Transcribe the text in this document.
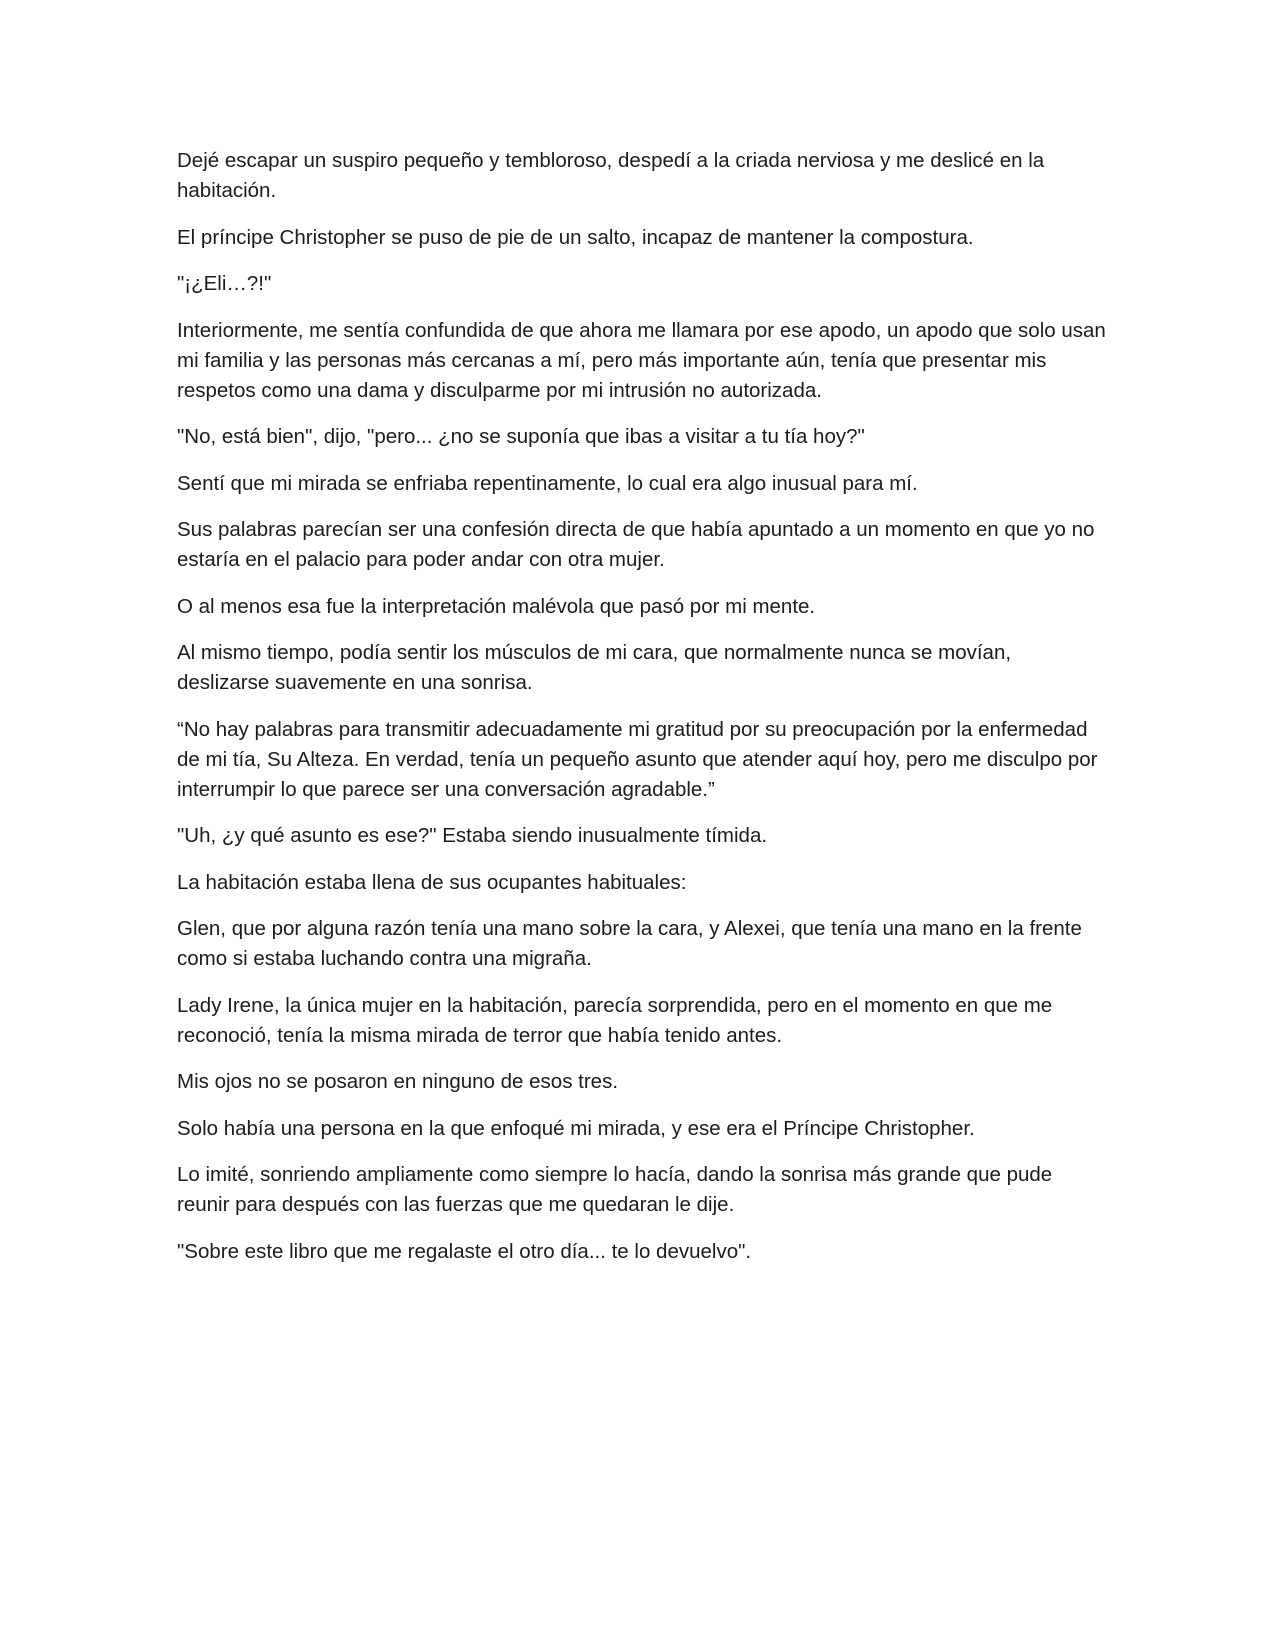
Dejé escapar un suspiro pequeño y tembloroso, despedí a la criada nerviosa y me deslicé en la habitación.

El príncipe Christopher se puso de pie de un salto, incapaz de mantener la compostura.

"¡¿Eli…?!"

Interiormente, me sentía confundida de que ahora me llamara por ese apodo, un apodo que solo usan mi familia y las personas más cercanas a mí, pero más importante aún, tenía que presentar mis respetos como una dama y disculparme por mi intrusión no autorizada.

"No, está bien", dijo, "pero... ¿no se suponía que ibas a visitar a tu tía hoy?"

Sentí que mi mirada se enfriaba repentinamente, lo cual era algo inusual para mí.

Sus palabras parecían ser una confesión directa de que había apuntado a un momento en que yo no estaría en el palacio para poder andar con otra mujer.

O al menos esa fue la interpretación malévola que pasó por mi mente.

Al mismo tiempo, podía sentir los músculos de mi cara, que normalmente nunca se movían, deslizarse suavemente en una sonrisa.

“No hay palabras para transmitir adecuadamente mi gratitud por su preocupación por la enfermedad de mi tía, Su Alteza. En verdad, tenía un pequeño asunto que atender aquí hoy, pero me disculpo por interrumpir lo que parece ser una conversación agradable.”

"Uh, ¿y qué asunto es ese?" Estaba siendo inusualmente tímida.

La habitación estaba llena de sus ocupantes habituales:

Glen, que por alguna razón tenía una mano sobre la cara, y Alexei, que tenía una mano en la frente como si estaba luchando contra una migraña.

Lady Irene, la única mujer en la habitación, parecía sorprendida, pero en el momento en que me reconoció, tenía la misma mirada de terror que había tenido antes.

Mis ojos no se posaron en ninguno de esos tres.

Solo había una persona en la que enfoqué mi mirada, y ese era el Príncipe Christopher.

Lo imité, sonriendo ampliamente como siempre lo hacía, dando la sonrisa más grande que pude reunir para después con las fuerzas que me quedaran le dije.

"Sobre este libro que me regalaste el otro día... te lo devuelvo".
